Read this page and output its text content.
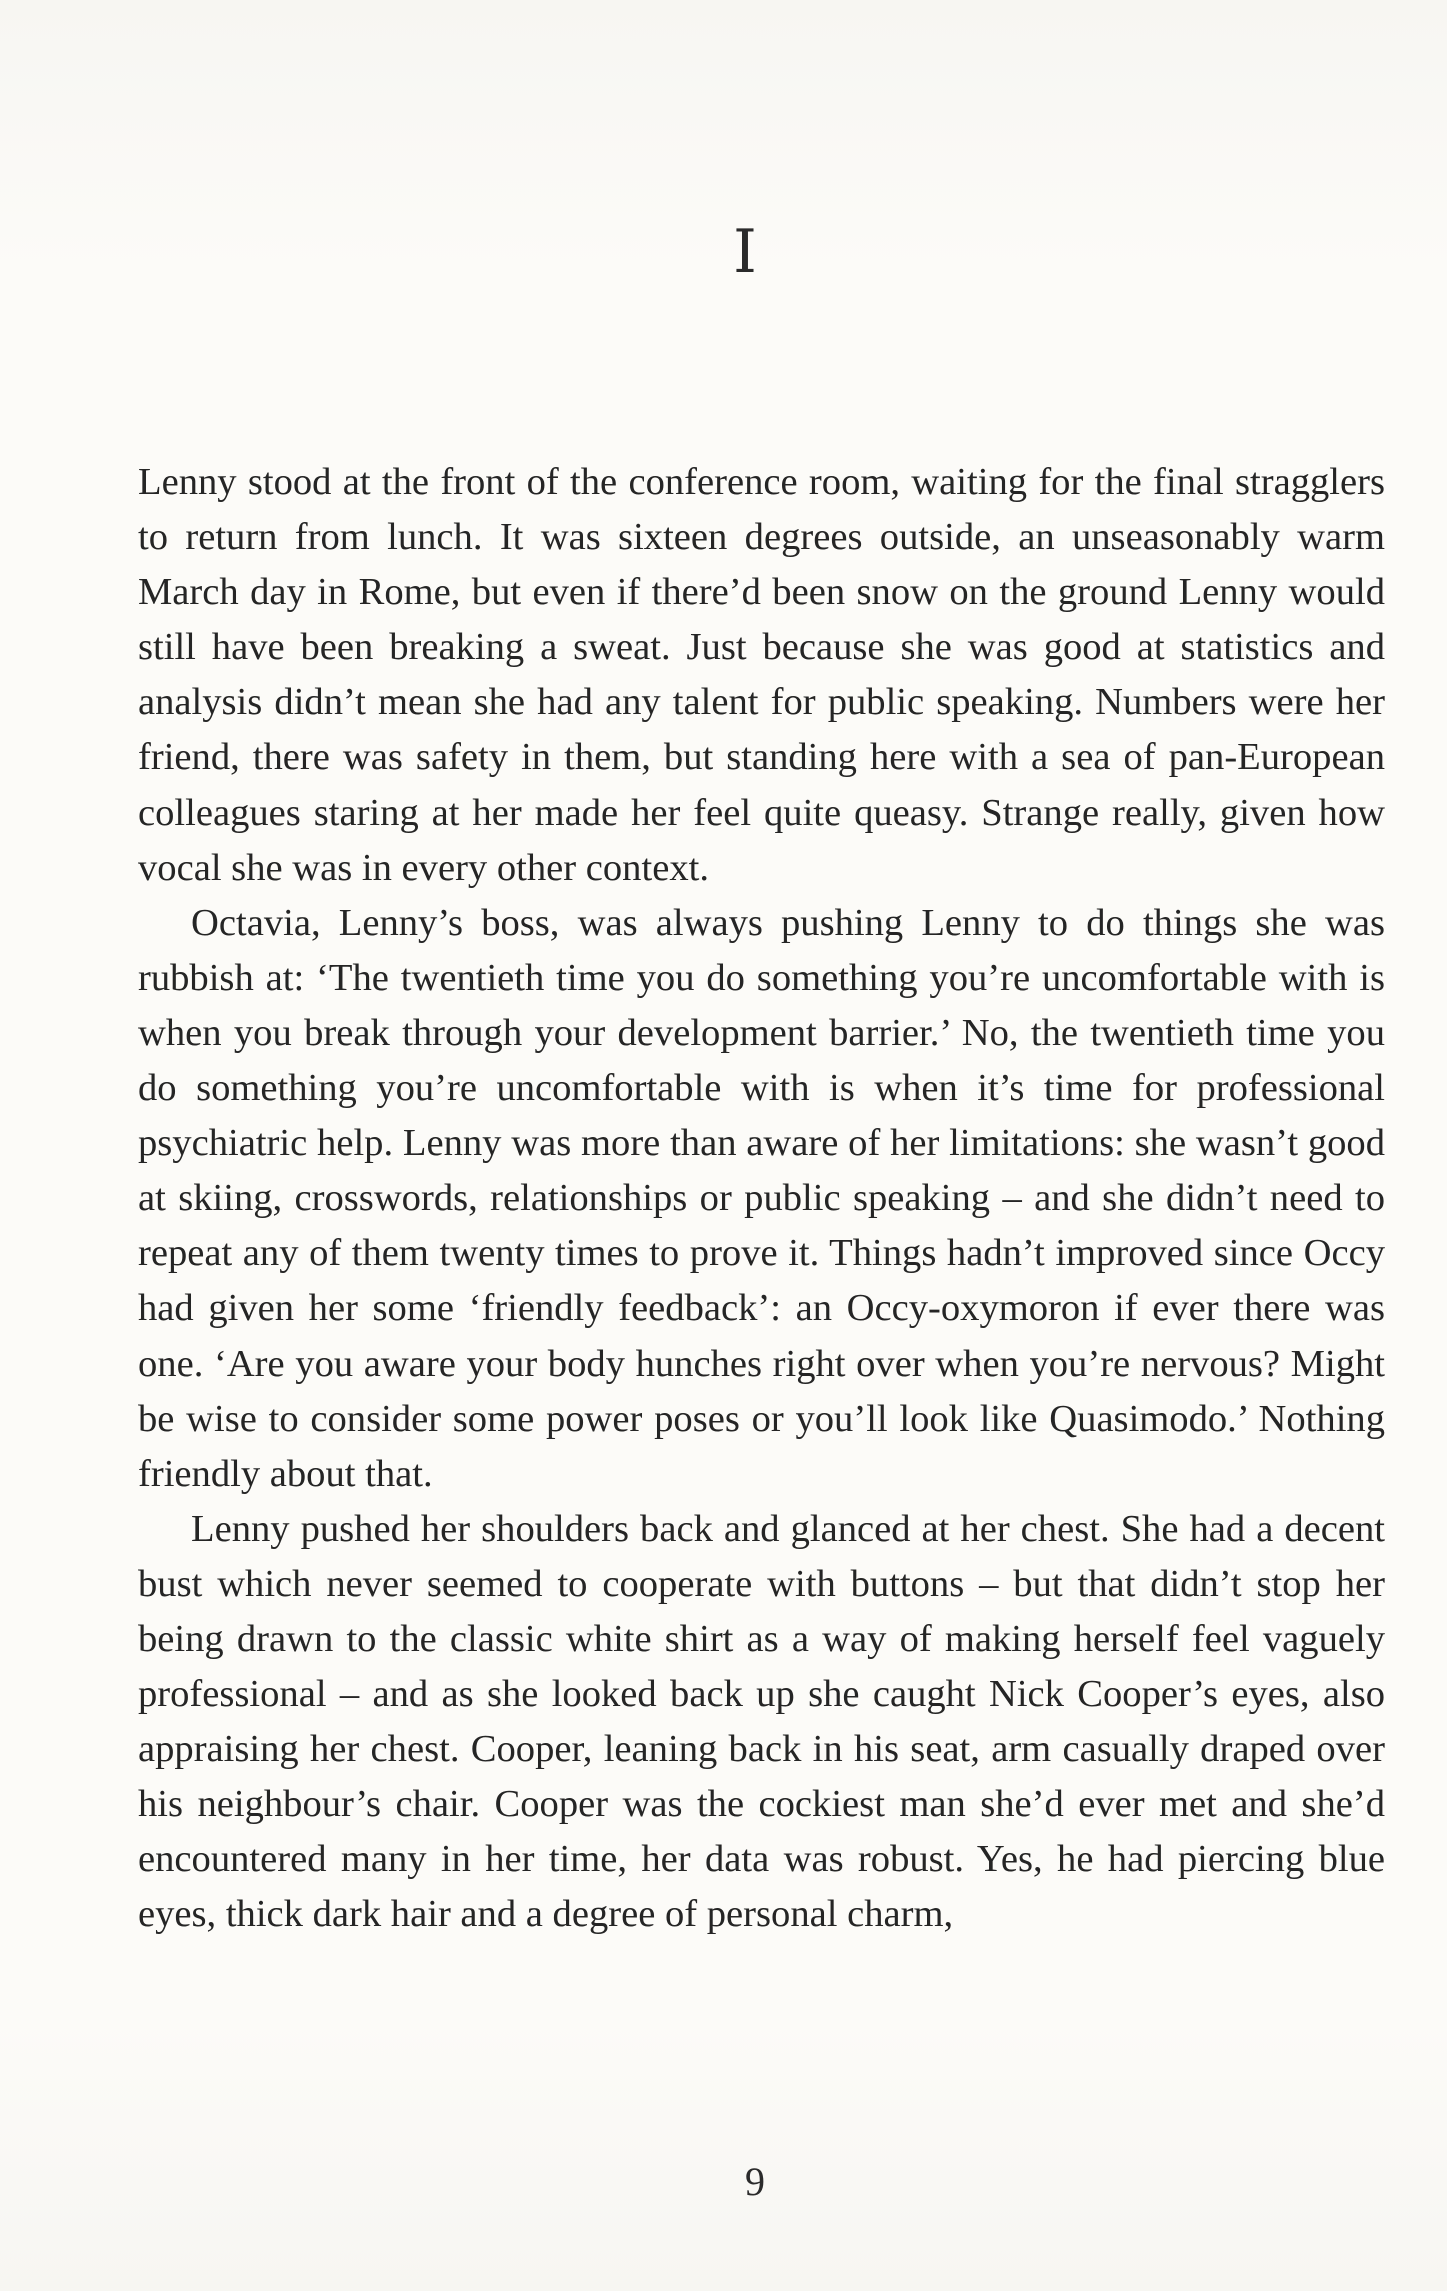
I

Lenny stood at the front of the conference room, waiting for the final stragglers to return from lunch. It was sixteen degrees outside, an unseasonably warm March day in Rome, but even if there’d been snow on the ground Lenny would still have been breaking a sweat. Just because she was good at statistics and analysis didn’t mean she had any talent for public speaking. Numbers were her friend, there was safety in them, but standing here with a sea of pan-European colleagues staring at her made her feel quite queasy. Strange really, given how vocal she was in every other context.

Octavia, Lenny’s boss, was always pushing Lenny to do things she was rubbish at: ‘The twentieth time you do something you’re uncomfortable with is when you break through your development barrier.’ No, the twentieth time you do something you’re uncomfortable with is when it’s time for professional psychiatric help. Lenny was more than aware of her limitations: she wasn’t good at skiing, crosswords, relationships or public speaking – and she didn’t need to repeat any of them twenty times to prove it. Things hadn’t improved since Occy had given her some ‘friendly feedback’: an Occy-oxymoron if ever there was one. ‘Are you aware your body hunches right over when you’re nervous? Might be wise to consider some power poses or you’ll look like Quasimodo.’ Nothing friendly about that.

Lenny pushed her shoulders back and glanced at her chest. She had a decent bust which never seemed to cooperate with buttons – but that didn’t stop her being drawn to the classic white shirt as a way of making herself feel vaguely professional – and as she looked back up she caught Nick Cooper’s eyes, also appraising her chest. Cooper, leaning back in his seat, arm casually draped over his neighbour’s chair. Cooper was the cockiest man she’d ever met and she’d encountered many in her time, her data was robust. Yes, he had piercing blue eyes, thick dark hair and a degree of personal charm,

9
